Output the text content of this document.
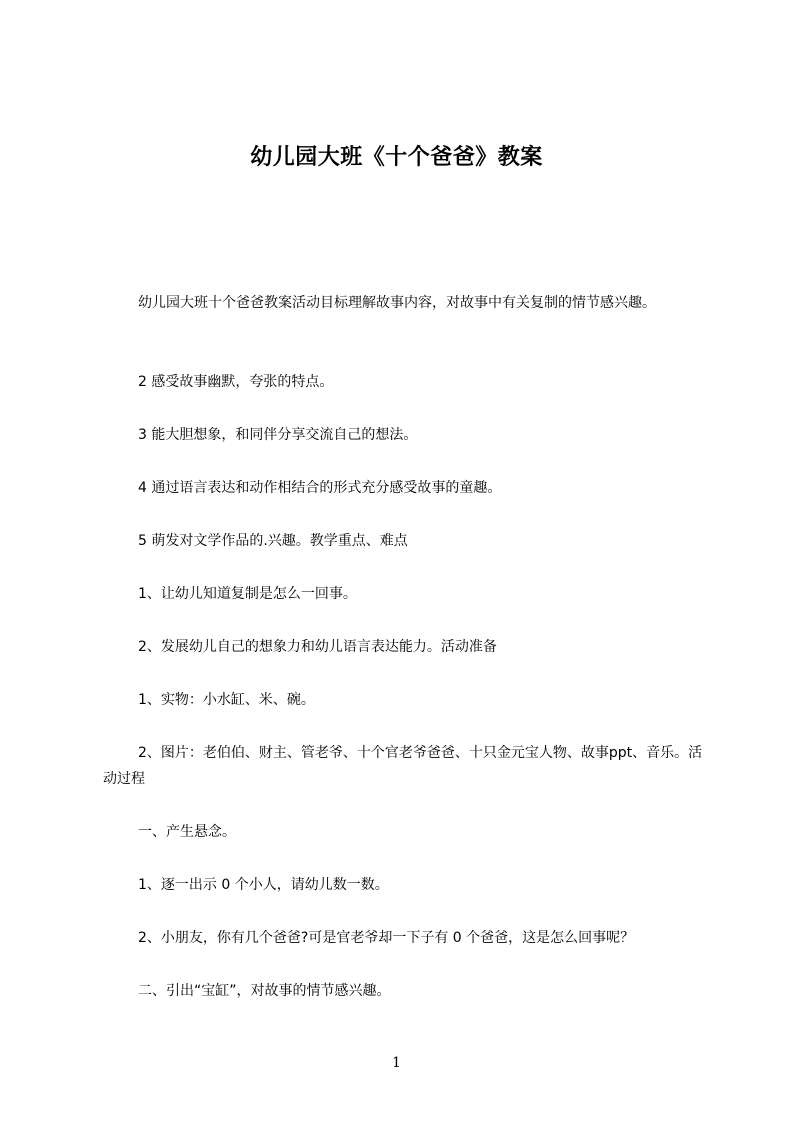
幼儿园大班《十个爸爸》教案

幼儿园大班十个爸爸教案活动目标理解故事内容，对故事中有关复制的情节感兴趣。

2 感受故事幽默，夸张的特点。

3 能大胆想象，和同伴分享交流自己的想法。

4 通过语言表达和动作相结合的形式充分感受故事的童趣。

5 萌发对文学作品的.兴趣。教学重点、难点

1、让幼儿知道复制是怎么一回事。

2、发展幼儿自己的想象力和幼儿语言表达能力。活动准备

1、实物：小水缸、米、碗。

2、图片：老伯伯、财主、管老爷、十个官老爷爸爸、十只金元宝人物、故事ppt、音乐。活动过程

一、产生悬念。

1、逐一出示 0 个小人，请幼儿数一数。

2、小朋友，你有几个爸爸?可是官老爷却一下子有 0 个爸爸，这是怎么回事呢？

二、引出“宝缸”，对故事的情节感兴趣。

1
